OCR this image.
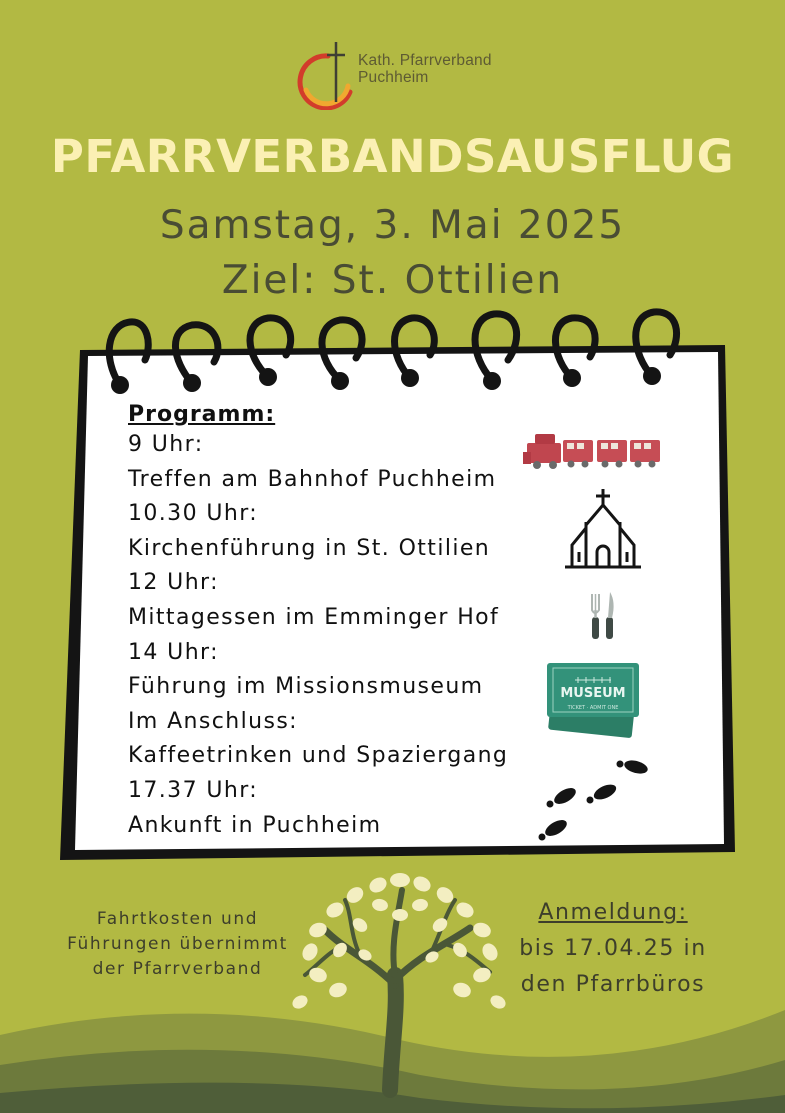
Kath. Pfarrverband
Puchheim
PFARRVERBANDSAUSFLUG
Samstag, 3. Mai 2025
Ziel: St. Ottilien
MUSEUM
TICKET · ADMIT ONE
Programm:
9 Uhr:
Treffen am Bahnhof Puchheim
10.30 Uhr:
Kirchenführung in St. Ottilien
12 Uhr:
Mittagessen im Emminger Hof
14 Uhr:
Führung im Missionsmuseum
Im Anschluss:
Kaffeetrinken und Spaziergang
17.37 Uhr:
Ankunft in Puchheim
Fahrtkosten und
Führungen übernimmt
der Pfarrverband
Anmeldung:
bis 17.04.25 in
den Pfarrbüros
